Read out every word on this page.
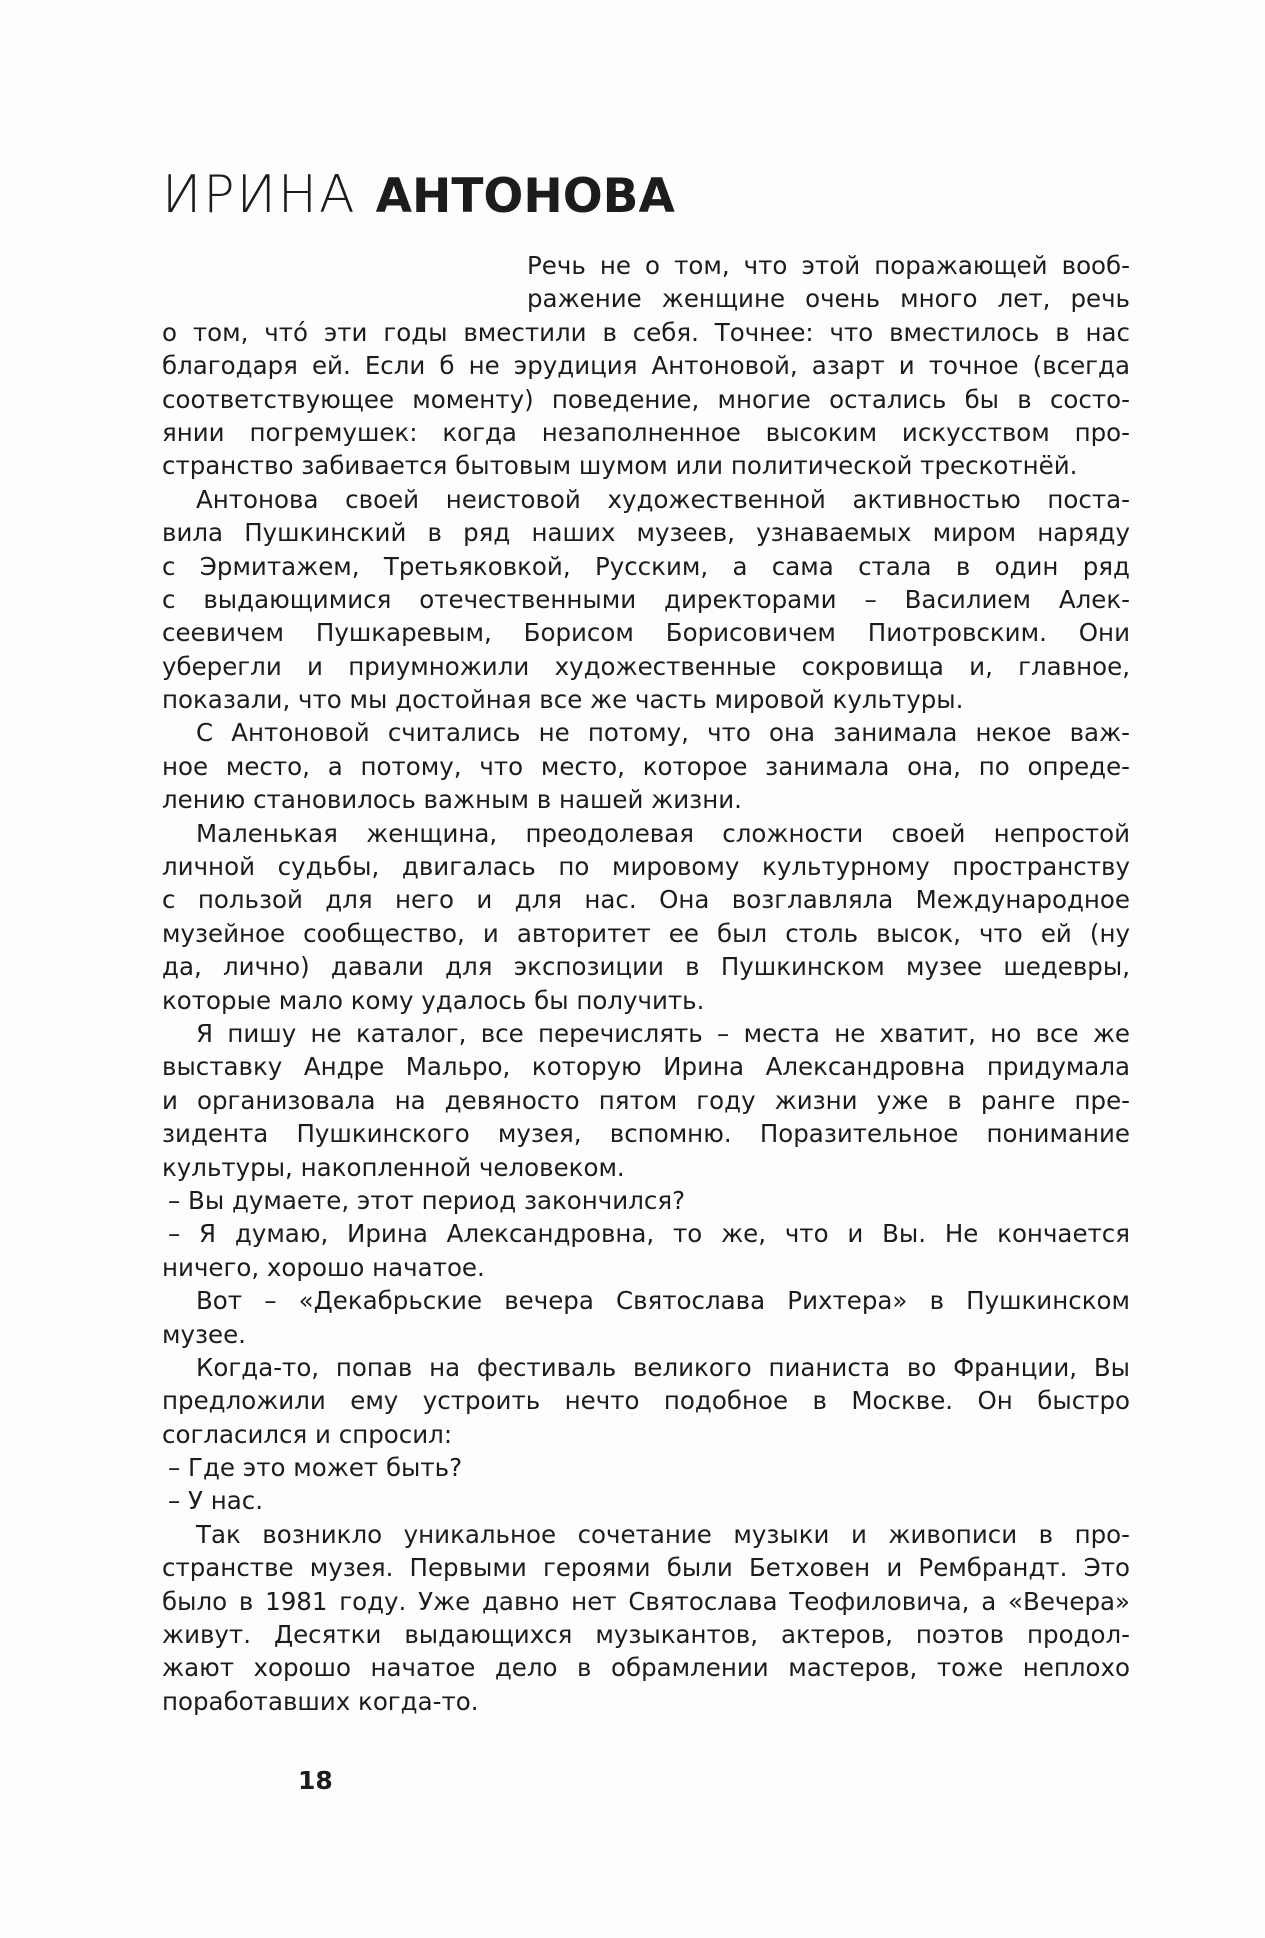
ИРИНА АНТОНОВА
Речь не о том, что этой поражающей вооб-
ражение женщине очень много лет, речь
о том, чтó эти годы вместили в себя. Точнее: что вместилось в нас
благодаря ей. Если б не эрудиция Антоновой, азарт и точное (всегда
соответствующее моменту) поведение, многие остались бы в состо-
янии погремушек: когда незаполненное высоким искусством про-
странство забивается бытовым шумом или политической трескотнёй.
Антонова своей неистовой художественной активностью поста-
вила Пушкинский в ряд наших музеев, узнаваемых миром наряду
с Эрмитажем, Третьяковкой, Русским, а сама стала в один ряд
с выдающимися отечественными директорами – Василием Алек-
сеевичем Пушкаревым, Борисом Борисовичем Пиотровским. Они
уберегли и приумножили художественные сокровища и, главное,
показали, что мы достойная все же часть мировой культуры.
С Антоновой считались не потому, что она занимала некое важ-
ное место, а потому, что место, которое занимала она, по опреде-
лению становилось важным в нашей жизни.
Маленькая женщина, преодолевая сложности своей непростой
личной судьбы, двигалась по мировому культурному пространству
с пользой для него и для нас. Она возглавляла Международное
музейное сообщество, и авторитет ее был столь высок, что ей (ну
да, лично) давали для экспозиции в Пушкинском музее шедевры,
которые мало кому удалось бы получить.
Я пишу не каталог, все перечислять – места не хватит, но все же
выставку Андре Мальро, которую Ирина Александровна придумала
и организовала на девяносто пятом году жизни уже в ранге пре-
зидента Пушкинского музея, вспомню. Поразительное понимание
культуры, накопленной человеком.
– Вы думаете, этот период закончился?
– Я думаю, Ирина Александровна, то же, что и Вы. Не кончается
ничего, хорошо начатое.
Вот – «Декабрьские вечера Святослава Рихтера» в Пушкинском
музее.
Когда-то, попав на фестиваль великого пианиста во Франции, Вы
предложили ему устроить нечто подобное в Москве. Он быстро
согласился и спросил:
– Где это может быть?
– У нас.
Так возникло уникальное сочетание музыки и живописи в про-
странстве музея. Первыми героями были Бетховен и Рембрандт. Это
было в 1981 году. Уже давно нет Святослава Теофиловича, а «Вечера»
живут. Десятки выдающихся музыкантов, актеров, поэтов продол-
жают хорошо начатое дело в обрамлении мастеров, тоже неплохо
поработавших когда-то.
18
